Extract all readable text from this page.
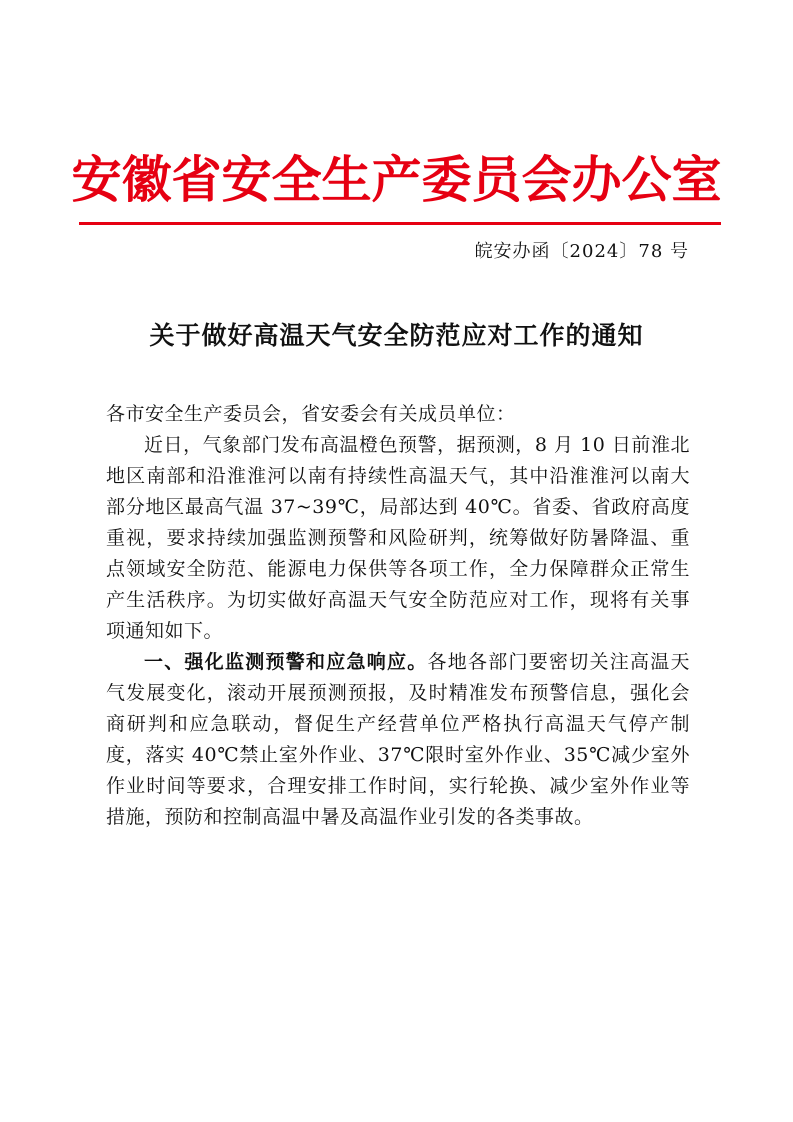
安徽省安全生产委员会办公室
皖安办函〔2024〕78 号
关于做好高温天气安全防范应对工作的通知

各市安全生产委员会，省安委会有关成员单位：

近日，气象部门发布高温橙色预警，据预测，8 月 10 日前淮北地区南部和沿淮淮河以南有持续性高温天气，其中沿淮淮河以南大部分地区最高气温 37~39℃，局部达到 40℃。省委、省政府高度重视，要求持续加强监测预警和风险研判，统筹做好防暑降温、重点领域安全防范、能源电力保供等各项工作，全力保障群众正常生产生活秩序。为切实做好高温天气安全防范应对工作，现将有关事项通知如下。

一、强化监测预警和应急响应。各地各部门要密切关注高温天气发展变化，滚动开展预测预报，及时精准发布预警信息，强化会商研判和应急联动，督促生产经营单位严格执行高温天气停产制度，落实 40℃禁止室外作业、37℃限时室外作业、35℃减少室外作业时间等要求，合理安排工作时间，实行轮换、减少室外作业等措施，预防和控制高温中暑及高温作业引发的各类事故。
